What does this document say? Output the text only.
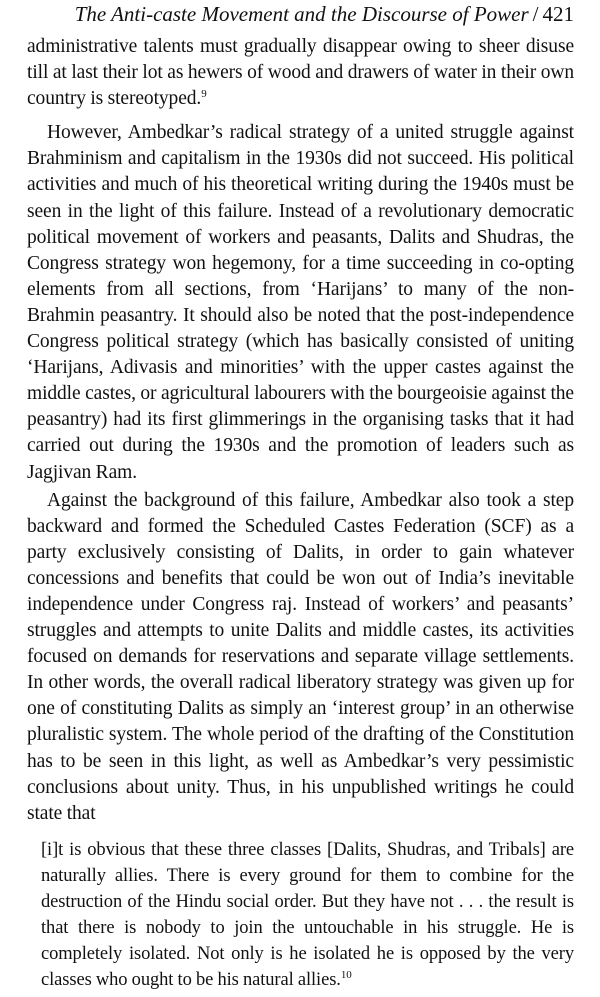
The Anti-caste Movement and the Discourse of Power / 421

administrative talents must gradually disappear owing to sheer disuse till at last their lot as hewers of wood and drawers of water in their own country is stereotyped.$^9$

However, Ambedkar’s radical strategy of a united struggle against Brahminism and capitalism in the 1930s did not succeed. His political activities and much of his theoretical writing during the 1940s must be seen in the light of this failure. Instead of a revolutionary democratic political movement of workers and peasants, Dalits and Shudras, the Congress strategy won hegemony, for a time succeeding in co-opting elements from all sections, from ‘Harijans’ to many of the non-Brahmin peasantry. It should also be noted that the post-independence Congress political strategy (which has basically consisted of uniting ‘Harijans, Adivasis and minorities’ with the upper castes against the middle castes, or agricultural labourers with the bourgeoisie against the peasantry) had its first glimmerings in the organising tasks that it had carried out during the 1930s and the promotion of leaders such as Jagjivan Ram.

Against the background of this failure, Ambedkar also took a step backward and formed the Scheduled Castes Federation (SCF) as a party exclusively consisting of Dalits, in order to gain whatever concessions and benefits that could be won out of India’s inevitable independence under Congress raj. Instead of workers’ and peasants’ struggles and attempts to unite Dalits and middle castes, its activities focused on demands for reservations and separate village settlements. In other words, the overall radical liberatory strategy was given up for one of constituting Dalits as simply an ‘interest group’ in an otherwise pluralistic system. The whole period of the drafting of the Constitution has to be seen in this light, as well as Ambedkar’s very pessimistic conclusions about unity. Thus, in his unpublished writings he could state that

[i]t is obvious that these three classes [Dalits, Shudras, and Tribals] are naturally allies. There is every ground for them to combine for the destruction of the Hindu social order. But they have not . . . the result is that there is nobody to join the untouchable in his struggle. He is completely isolated. Not only is he isolated he is opposed by the very classes who ought to be his natural allies.$^{10}$
